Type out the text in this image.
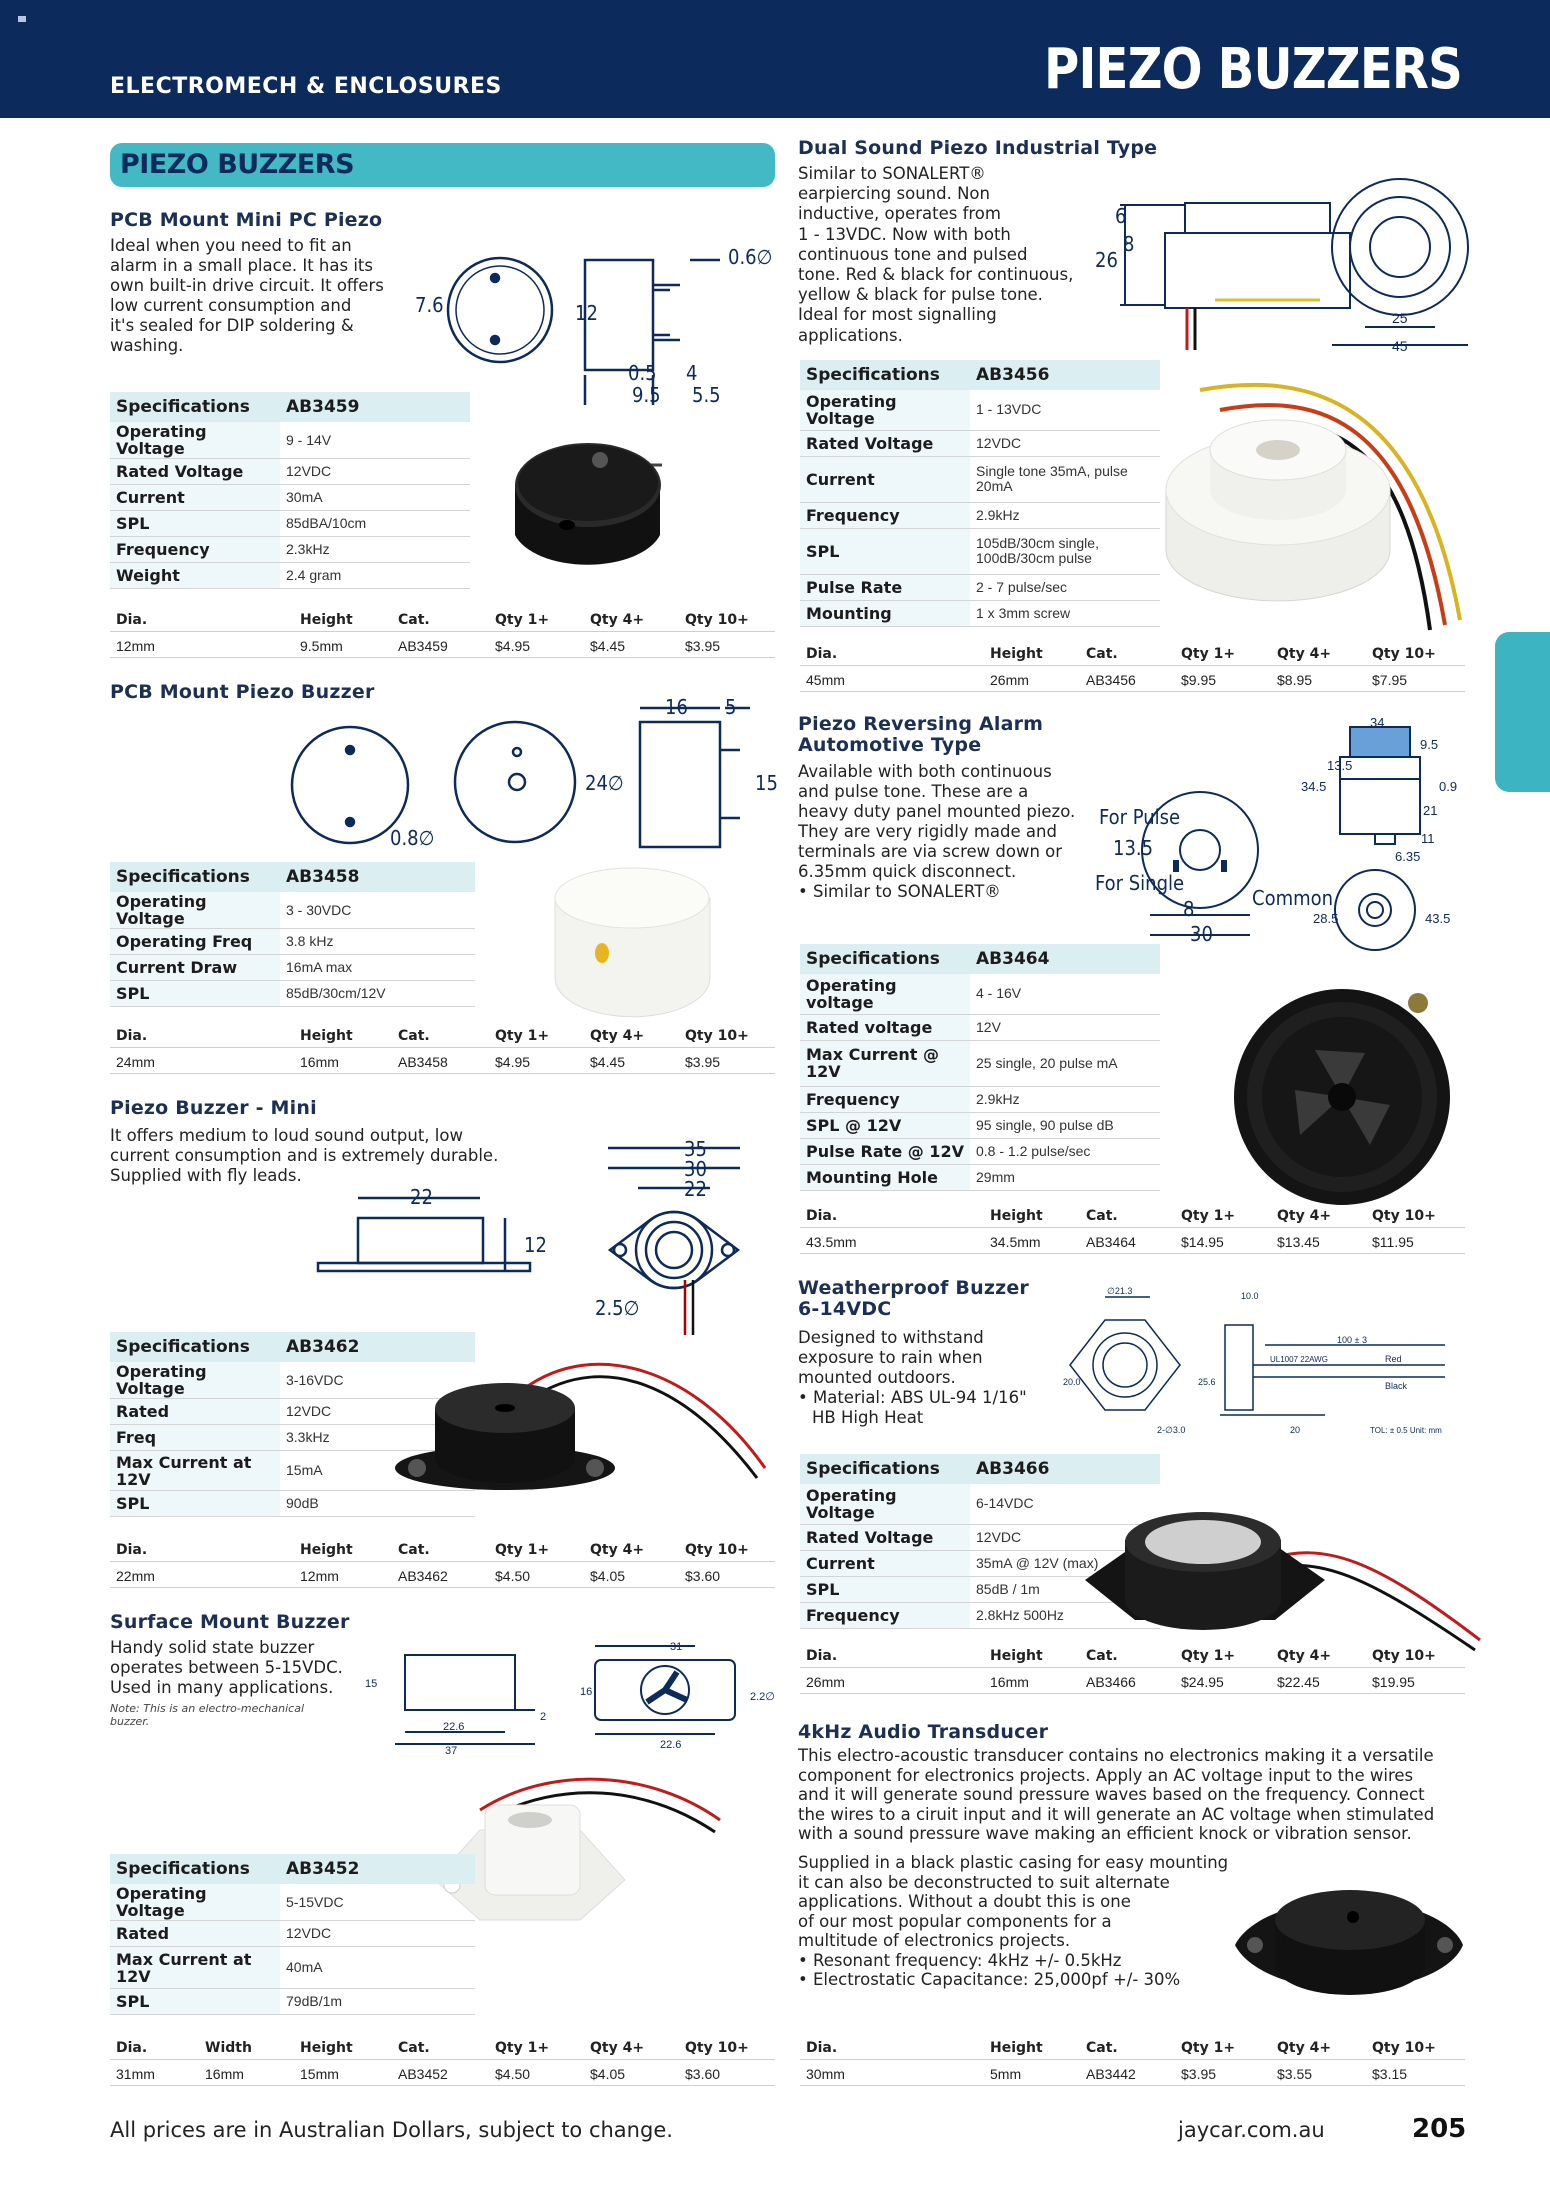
ELECTROMECH & ENCLOSURES	PIEZO BUZZERS
PIEZO BUZZERS
PCB Mount Mini PC Piezo
Ideal when you need to fit an
alarm in a small place. It has its
own built-in drive circuit. It offers
low current consumption and
it's sealed for DIP soldering &
washing.
7.6
0.6∅
12
0.5 4
9.5 5.5
Specifications	AB3459
Operating Voltage	9 - 14V
Rated Voltage	12VDC
Current	30mA
SPL	85dBA/10cm
Frequency	2.3kHz
Weight	2.4 gram
Dia.	Height	Cat.	Qty 1+	Qty 4+	Qty 10+
12mm	9.5mm	AB3459	$4.95	$4.45	$3.95
PCB Mount Piezo Buzzer
0.8∅
24∅
16 5
15
Specifications	AB3458
Operating Voltage	3 - 30VDC
Operating Freq	3.8 kHz
Current Draw	16mA max
SPL	85dB/30cm/12V
Dia.	Height	Cat.	Qty 1+	Qty 4+	Qty 10+
24mm	16mm	AB3458	$4.95	$4.45	$3.95
Piezo Buzzer - Mini
It offers medium to loud sound output, low
current consumption and is extremely durable.
Supplied with fly leads.
22
12
35
30
22
2.5∅
Specifications	AB3462
Operating Voltage	3-16VDC
Rated	12VDC
Freq	3.3kHz
Max Current at 12V	15mA
SPL	90dB
Dia.	Height	Cat.	Qty 1+	Qty 4+	Qty 10+
22mm	12mm	AB3462	$4.50	$4.05	$3.60
Surface Mount Buzzer
Handy solid state buzzer
operates between 5-15VDC.
Used in many applications.
Note: This is an electro-mechanical
buzzer.
15
22.6
37
2
31
16
22.6
2.2∅
Specifications	AB3452
Operating Voltage	5-15VDC
Rated	12VDC
Max Current at 12V	40mA
SPL	79dB/1m
Dia.	Width	Height	Cat.	Qty 1+	Qty 4+	Qty 10+
31mm	16mm	15mm	AB3452	$4.50	$4.05	$3.60
Dual Sound Piezo Industrial Type
Similar to SONALERT®
earpiercing sound. Non
inductive, operates from
1 - 13VDC. Now with both
continuous tone and pulsed
tone. Red & black for continuous,
yellow & black for pulse tone.
Ideal for most signalling
applications.
6
8
26
25
45
Specifications	AB3456
Operating Voltage	1 - 13VDC
Rated Voltage	12VDC
Current	Single tone 35mA, pulse 20mA
Frequency	2.9kHz
SPL	105dB/30cm single, 100dB/30cm pulse
Pulse Rate	2 - 7 pulse/sec
Mounting	1 x 3mm screw
Dia.	Height	Cat.	Qty 1+	Qty 4+	Qty 10+
45mm	26mm	AB3456	$9.95	$8.95	$7.95
Piezo Reversing Alarm Automotive Type
Available with both continuous
and pulse tone. These are a
heavy duty panel mounted piezo.
They are very rigidly made and
terminals are via screw down or
6.35mm quick disconnect.
• Similar to SONALERT®
For Pulse
For Single
Common
13.5
8
30
34
9.5
34.5
13.5
0.9
21
11
6.35
28.5	43.5
Specifications	AB3464
Operating voltage	4 - 16V
Rated voltage	12V
Max Current @ 12V	25 single, 20 pulse mA
Frequency	2.9kHz
SPL @ 12V	95 single, 90 pulse dB
Pulse Rate @ 12V	0.8 - 1.2 pulse/sec
Mounting Hole	29mm
Dia.	Height	Cat.	Qty 1+	Qty 4+	Qty 10+
43.5mm	34.5mm	AB3464	$14.95	$13.45	$11.95
Weatherproof Buzzer 6-14VDC
Designed to withstand
exposure to rain when
mounted outdoors.
• Material: ABS UL-94 1/16"
HB High Heat
∅21.3	10.0
100 ± 3
20.0	25.6
2-∅3.0	20
Red
Black
UL1007 22AWG
TOL: ± 0.5 Unit: mm
Specifications	AB3466
Operating Voltage	6-14VDC
Rated Voltage	12VDC
Current	35mA @ 12V (max)
SPL	85dB / 1m
Frequency	2.8kHz 500Hz
Dia.	Height	Cat.	Qty 1+	Qty 4+	Qty 10+
26mm	16mm	AB3466	$24.95	$22.45	$19.95
4kHz Audio Transducer
This electro-acoustic transducer contains no electronics making it a versatile
component for electronics projects. Apply an AC voltage input to the wires
and it will generate sound pressure waves based on the frequency. Connect
the wires to a ciruit input and it will generate an AC voltage when stimulated
with a sound pressure wave making an efficient knock or vibration sensor.
Supplied in a black plastic casing for easy mounting
it can also be deconstructed to suit alternate
applications. Without a doubt this is one
of our most popular components for a
multitude of electronics projects.
• Resonant frequency: 4kHz +/- 0.5kHz
• Electrostatic Capacitance: 25,000pf +/- 30%
Dia.	Height	Cat.	Qty 1+	Qty 4+	Qty 10+
30mm	5mm	AB3442	$3.95	$3.55	$3.15
All prices are in Australian Dollars, subject to change.	jaycar.com.au	205
